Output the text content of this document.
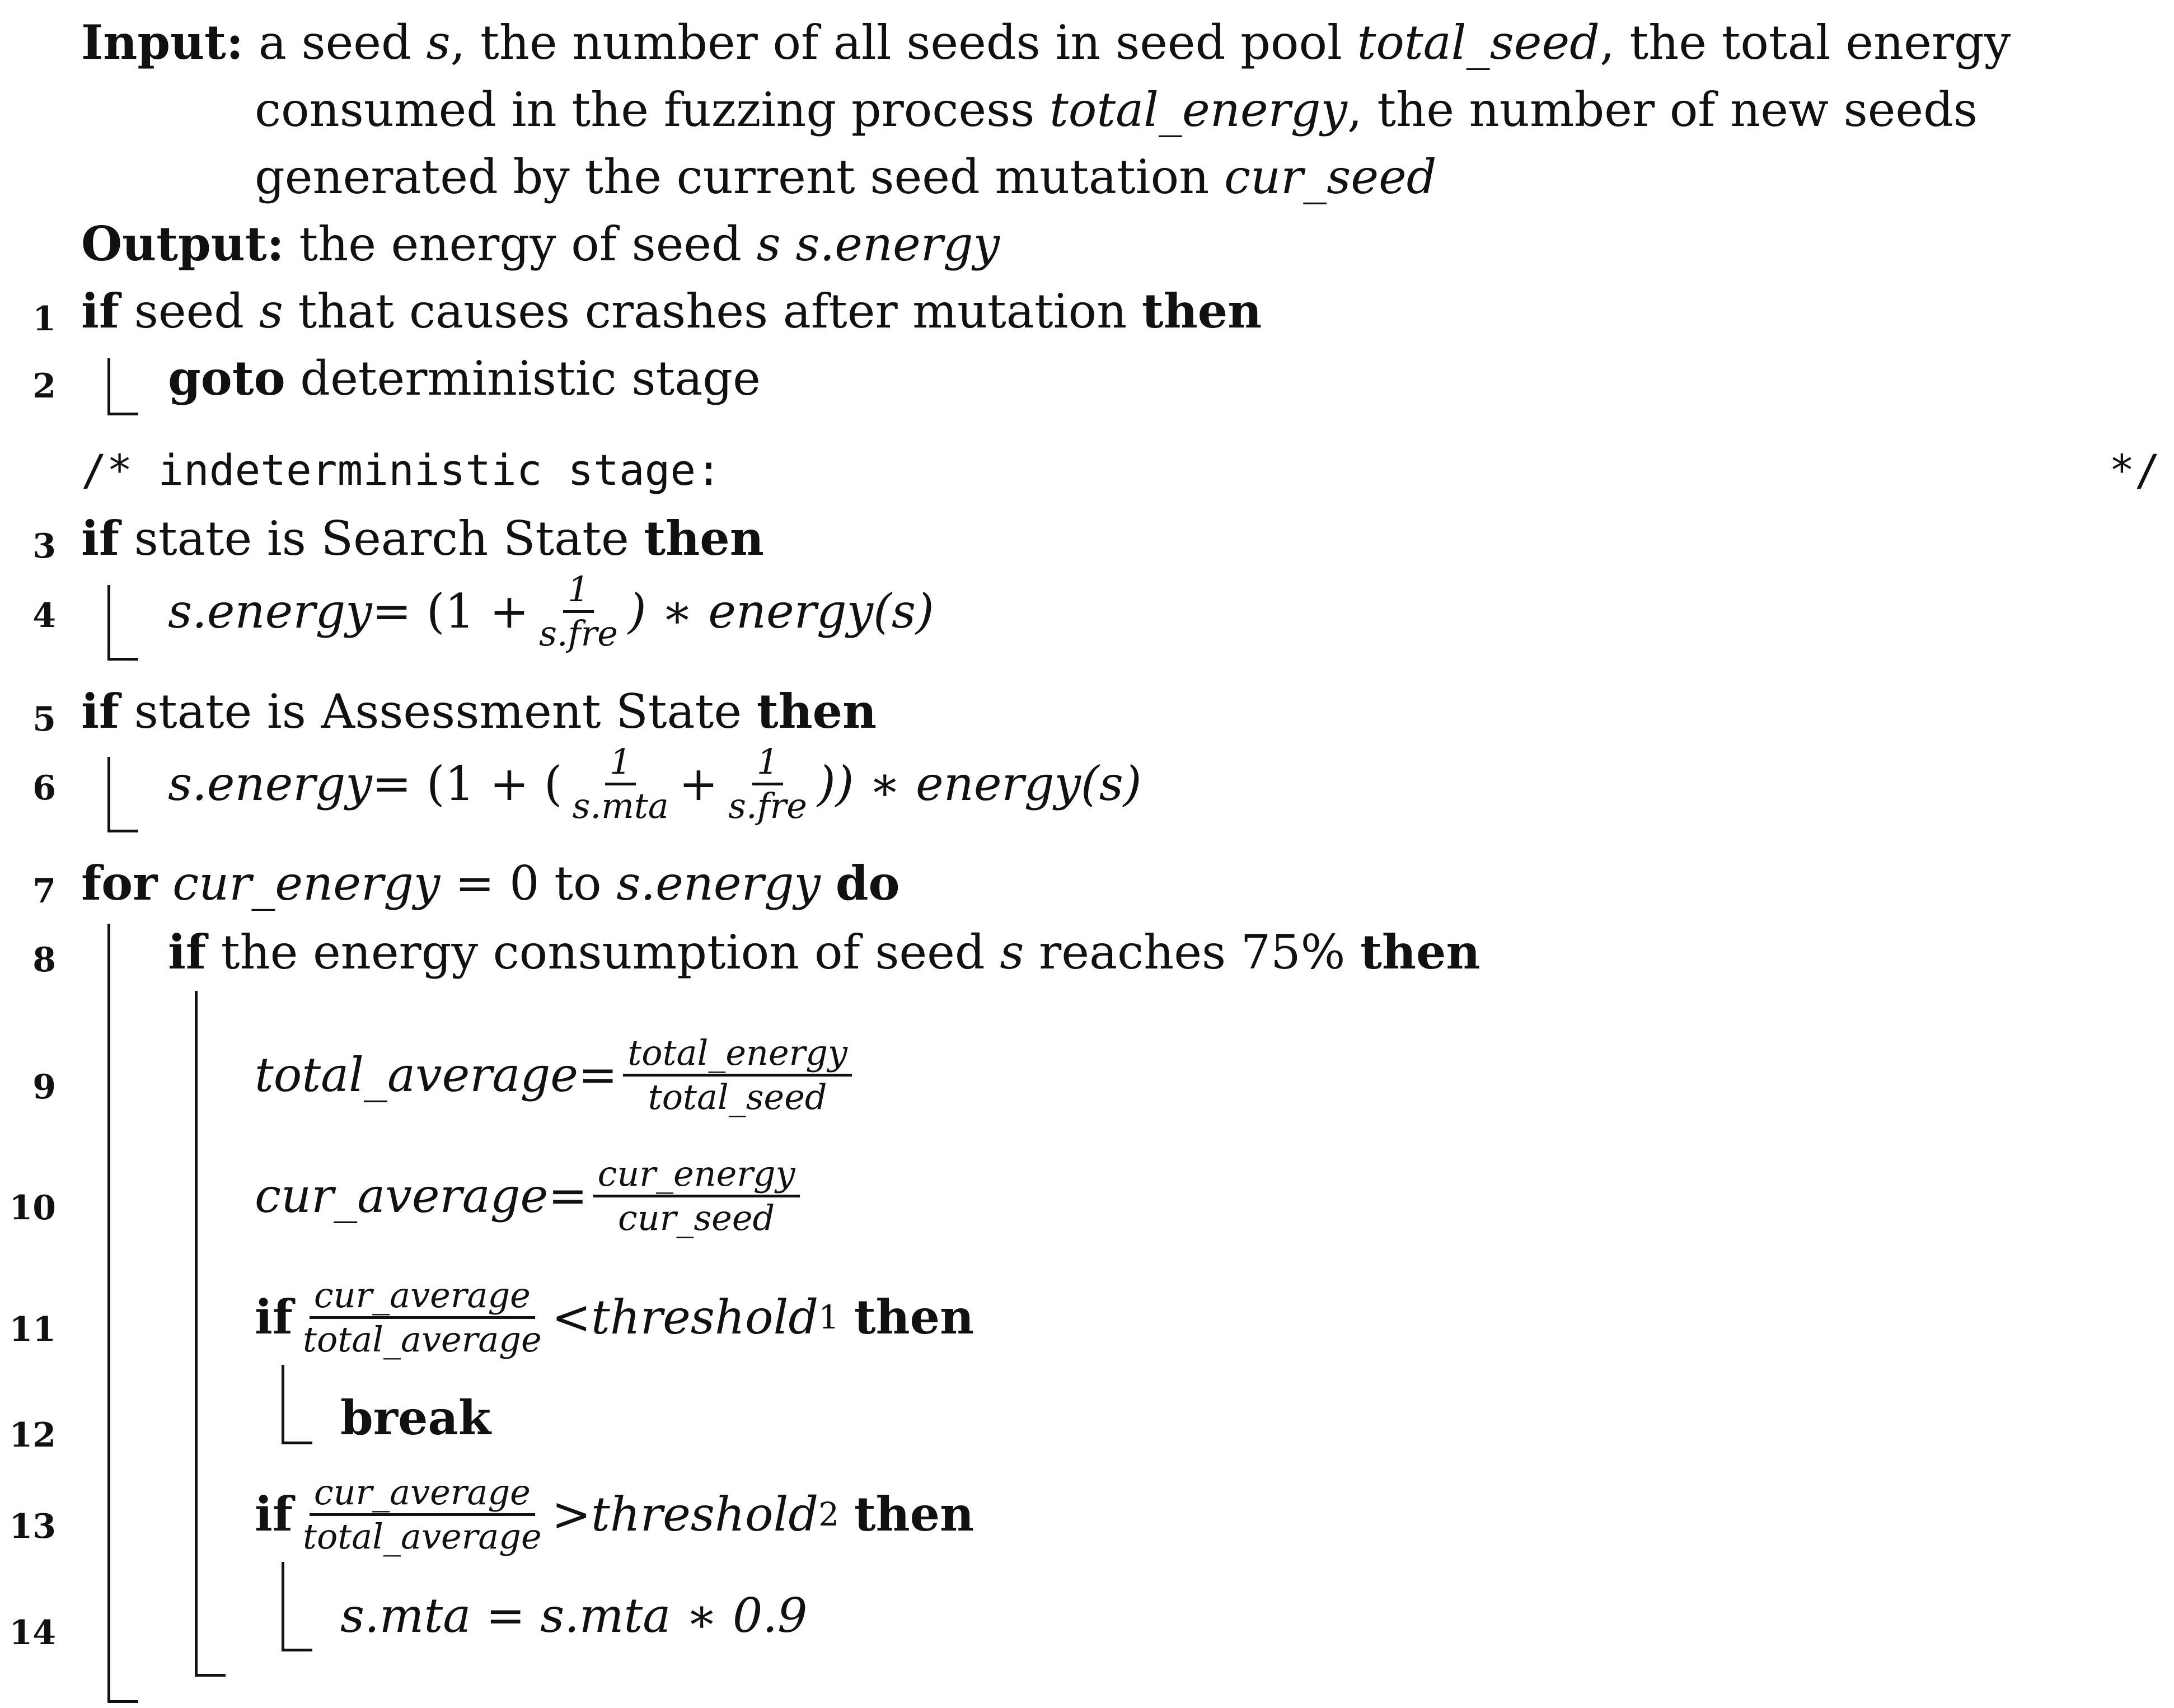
Input: a seed s, the number of all seeds in seed pool total_seed, the total energy
consumed in the fuzzing process total_energy, the number of new seeds
generated by the current seed mutation cur_seed
Output: the energy of seed s s.energy
1 if seed s that causes crashes after mutation then
2 goto deterministic stage
/* indeterministic stage:	*/
3 if state is Search State then
4 s.energy = ($1 + \frac{1}{\text{s.fre}}$ ) ∗ energy(s)
5 if state is Assessment State then
6 s.energy = (1 + ( $\frac{1}{\text{s.mta}} + \frac{1}{\text{s.fre}}$ )) ∗ energy(s)
7 for cur_energy = 0 to s.energy do
8 if the energy consumption of seed s reaches 75% then
9	total_average = $\frac{\text{total\_energy}}{\text{total\_seed}}$
10	cur_average = $\frac{\text{cur\_energy}}{\text{cur\_seed}}$
11	if $\frac{\text{cur\_average}}{\text{total\_average}}$ < threshold 1
then
12	break
13	if $\frac{\text{cur\_average}}{\text{total\_average}}$ > threshold 2
then
14	s.mta = s.mta ∗ 0.9
